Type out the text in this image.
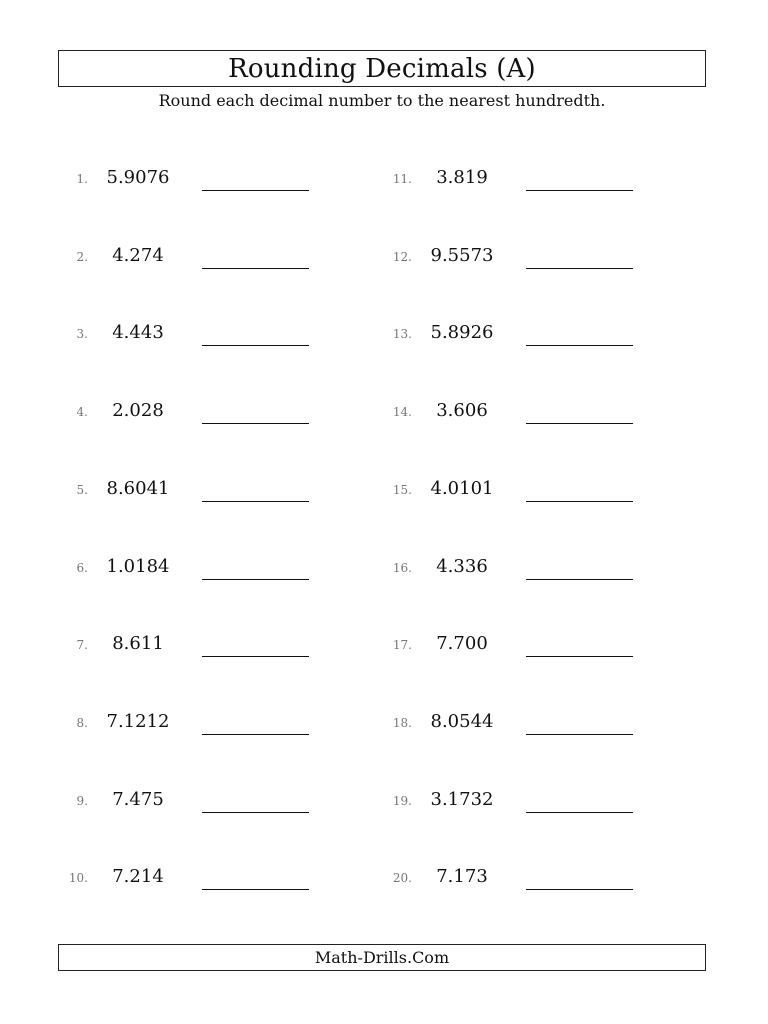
Rounding Decimals (A)
Round each decimal number to the nearest hundredth.
1.	5.9076
2.	4.274
3.	4.443
4.	2.028
5.	8.6041
6.	1.0184
7.	8.611
8.	7.1212
9.	7.475
10.	7.214
11.	3.819
12.	9.5573
13.	5.8926
14.	3.606
15.	4.0101
16.	4.336
17.	7.700
18.	8.0544
19.	3.1732
20.	7.173
Math-Drills.Com
